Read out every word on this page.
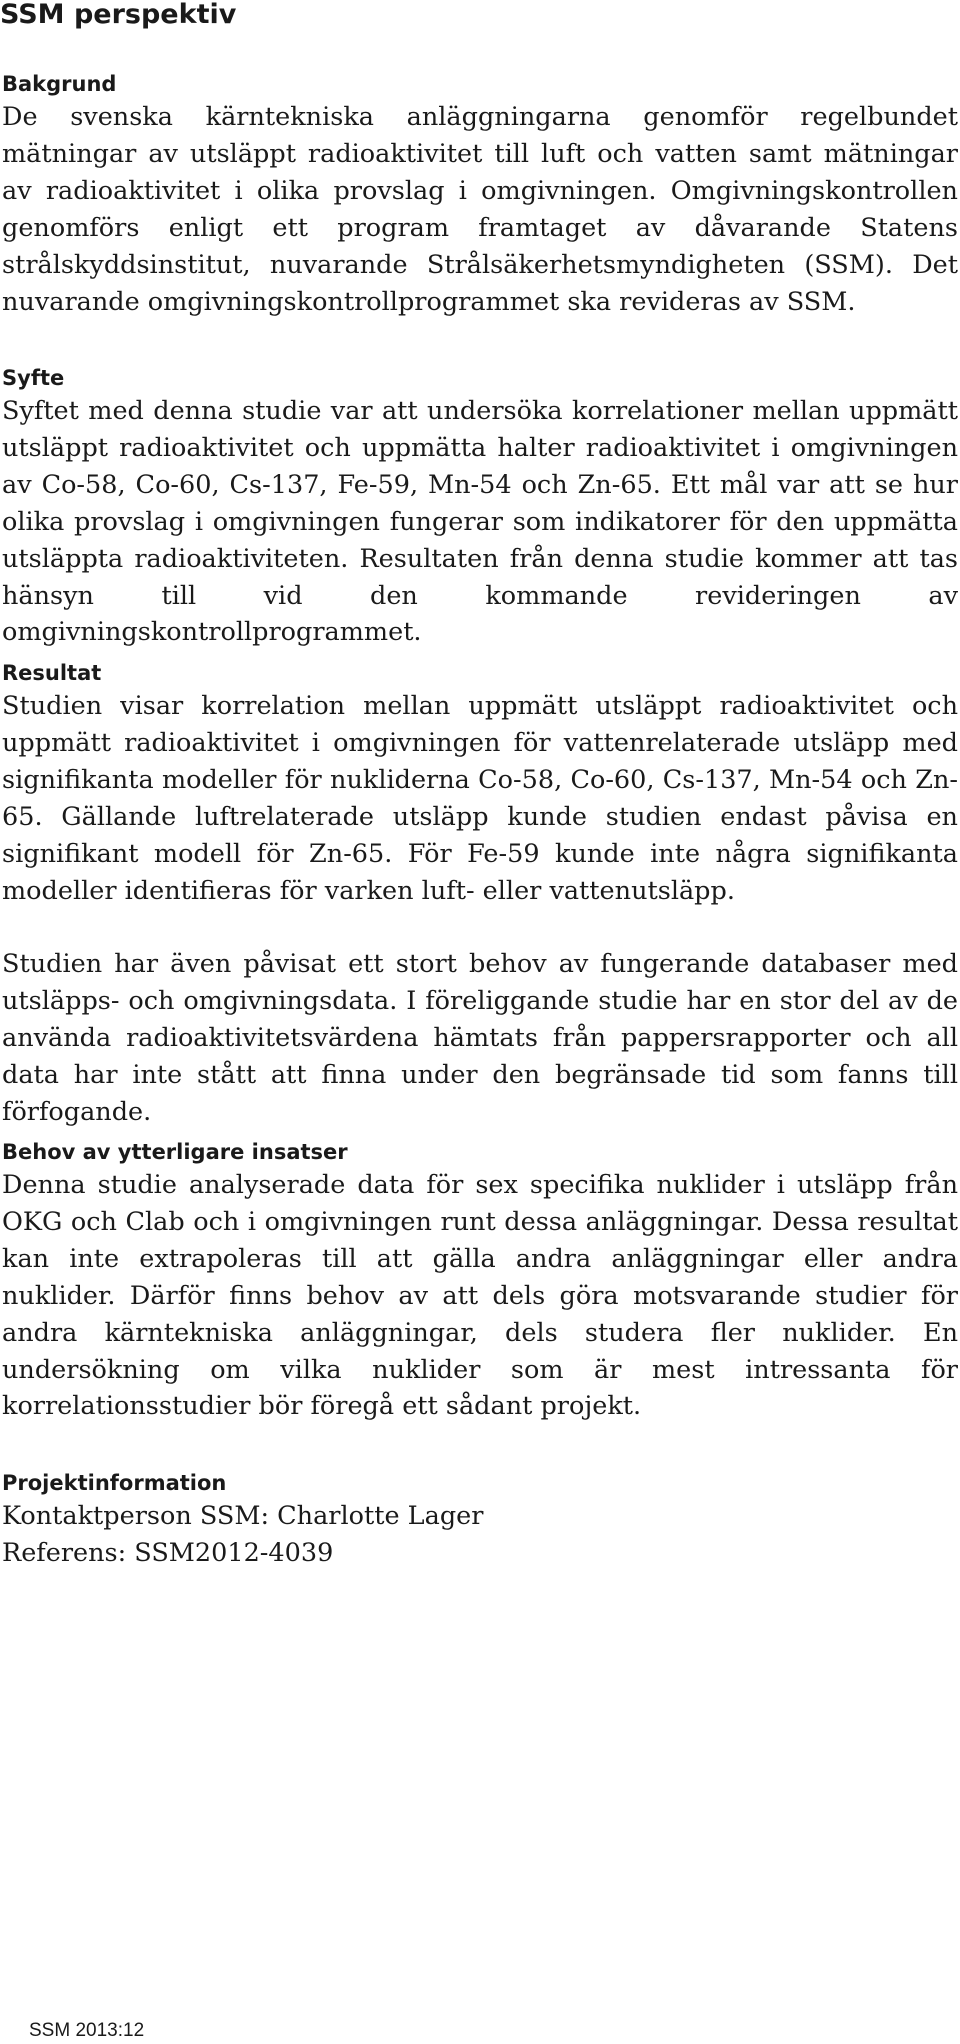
SSM perspektiv
Bakgrund

De svenska kärntekniska anläggningarna genomför regelbundet mätningar av utsläppt radioaktivitet till luft och vatten samt mätningar av radioaktivitet i olika provslag i omgivningen. Omgivningskontrollen genomförs enligt ett program framtaget av dåvarande Statens strålskyddsinstitut, nuvarande Strålsäkerhetsmyndigheten (SSM). Det nuvarande omgivningskontrollprogrammet ska revideras av SSM.

Syfte

Syftet med denna studie var att undersöka korrelationer mellan uppmätt utsläppt radioaktivitet och uppmätta halter radioaktivitet i omgivningen av Co-58, Co-60, Cs-137, Fe-59, Mn-54 och Zn-65. Ett mål var att se hur olika provslag i omgivningen fungerar som indikatorer för den uppmätta utsläppta radioaktiviteten. Resultaten från denna studie kommer att tas hänsyn till vid den kommande revideringen av omgivningskontrollprogrammet.

Resultat

Studien visar korrelation mellan uppmätt utsläppt radioaktivitet och uppmätt radioaktivitet i omgivningen för vattenrelaterade utsläpp med signifikanta modeller för nukliderna Co-58, Co-60, Cs-137, Mn-54 och Zn-65. Gällande luftrelaterade utsläpp kunde studien endast påvisa en signifikant modell för Zn-65. För Fe-59 kunde inte några signifikanta modeller identifieras för varken luft- eller vattenutsläpp.

Studien har även påvisat ett stort behov av fungerande databaser med utsläpps- och omgivningsdata. I föreliggande studie har en stor del av de använda radioaktivitetsvärdena hämtats från pappersrapporter och all data har inte stått att finna under den begränsade tid som fanns till förfogande.

Behov av ytterligare insatser

Denna studie analyserade data för sex specifika nuklider i utsläpp från OKG och Clab och i omgivningen runt dessa anläggningar. Dessa resultat kan inte extrapoleras till att gälla andra anläggningar eller andra nuklider. Därför finns behov av att dels göra motsvarande studier för andra kärntekniska anläggningar, dels studera fler nuklider. En undersökning om vilka nuklider som är mest intressanta för korrelationsstudier bör föregå ett sådant projekt.

Projektinformation
Kontaktperson SSM: Charlotte Lager
Referens: SSM2012-4039
SSM 2013:12
